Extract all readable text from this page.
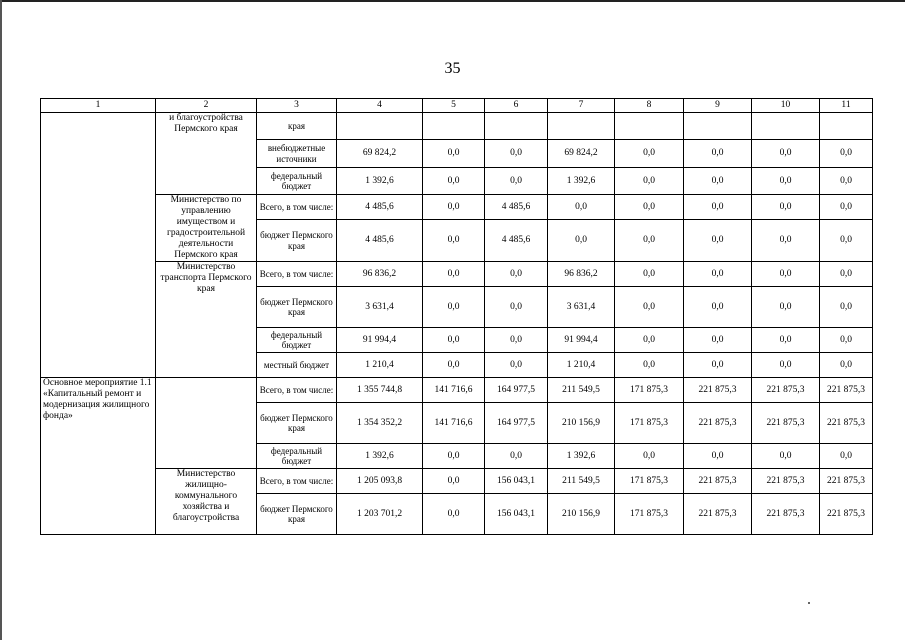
35
1	2	3	4	5	6	7	8	9	10	11
	и благоустройства Пермского края	края								
		внебюджетные источники	69 824,2	0,0	0,0	69 824,2	0,0	0,0	0,0	0,0
		федеральный бюджет	1 392,6	0,0	0,0	1 392,6	0,0	0,0	0,0	0,0
	Министерство по управлению имуществом и градостроительной деятельности Пермского края	Всего, в том числе:	4 485,6	0,0	4 485,6	0,0	0,0	0,0	0,0	0,0
		бюджет Пермского края	4 485,6	0,0	4 485,6	0,0	0,0	0,0	0,0	0,0
	Министерство транспорта Пермского края	Всего, в том числе:	96 836,2	0,0	0,0	96 836,2	0,0	0,0	0,0	0,0
		бюджет Пермского края	3 631,4	0,0	0,0	3 631,4	0,0	0,0	0,0	0,0
		федеральный бюджет	91 994,4	0,0	0,0	91 994,4	0,0	0,0	0,0	0,0
		местный бюджет	1 210,4	0,0	0,0	1 210,4	0,0	0,0	0,0	0,0
Основное мероприятие 1.1 «Капитальный ремонт и модернизация жилищного фонда»		Всего, в том числе:	1 355 744,8	141 716,6	164 977,5	211 549,5	171 875,3	221 875,3	221 875,3	221 875,3
		бюджет Пермского края	1 354 352,2	141 716,6	164 977,5	210 156,9	171 875,3	221 875,3	221 875,3	221 875,3
		федеральный бюджет	1 392,6	0,0	0,0	1 392,6	0,0	0,0	0,0	0,0
	Министерство жилищно-коммунального хозяйства и благоустройства	Всего, в том числе:	1 205 093,8	0,0	156 043,1	211 549,5	171 875,3	221 875,3	221 875,3	221 875,3
		бюджет Пермского края	1 203 701,2	0,0	156 043,1	210 156,9	171 875,3	221 875,3	221 875,3	221 875,3
